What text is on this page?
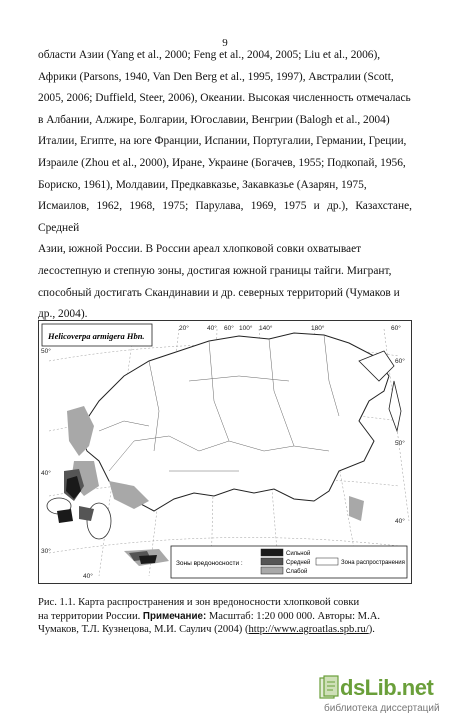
9

области Азии (Yang et al., 2000; Feng et al., 2004, 2005; Liu et al., 2006),

Африки (Parsons, 1940, Van Den Berg et al., 1995, 1997), Австралии (Scott,

2005, 2006; Duffield, Steer, 2006), Океании. Высокая численность отмечалась

в Албании, Алжире, Болгарии, Югославии, Венгрии (Balogh et al., 2004)

Италии, Египте, на юге Франции, Испании, Португалии, Германии, Греции,

Израиле (Zhou et al., 2000), Иране, Украине (Богачев, 1955; Подкопай, 1956,

Бориско, 1961), Молдавии, Предкавказье, Закавказье (Азарян, 1975,

Исмаилов, 1962, 1968, 1975; Парулава, 1969, 1975 и др.), Казахстане, Средней

Азии, южной России. В России ареал хлопковой совки охватывает

лесостепную и степную зоны, достигая южной границы тайги. Мигрант,

способный достигать Скандинавии и др. северных территорий (Чумаков и

др., 2004).

Helicoverpa armigera Hbn.
20°	40° 60° 100° 140°	180°	60°
50°
40°
30°
60°
50°
40°
40°
Зоны вредоносности :
Сильной
Средней
Слабой
Зона распространения
Рис. 1.1. Карта распространения и зон вредоносности хлопковой совки
на территории России. Примечание: Масштаб: 1:20 000 000. Авторы: М.А.
Чумаков, Т.Л. Кузнецова, М.И. Саулич (2004) (http://www.agroatlas.spb.ru/).
dsLib.net
библиотека диссертаций
